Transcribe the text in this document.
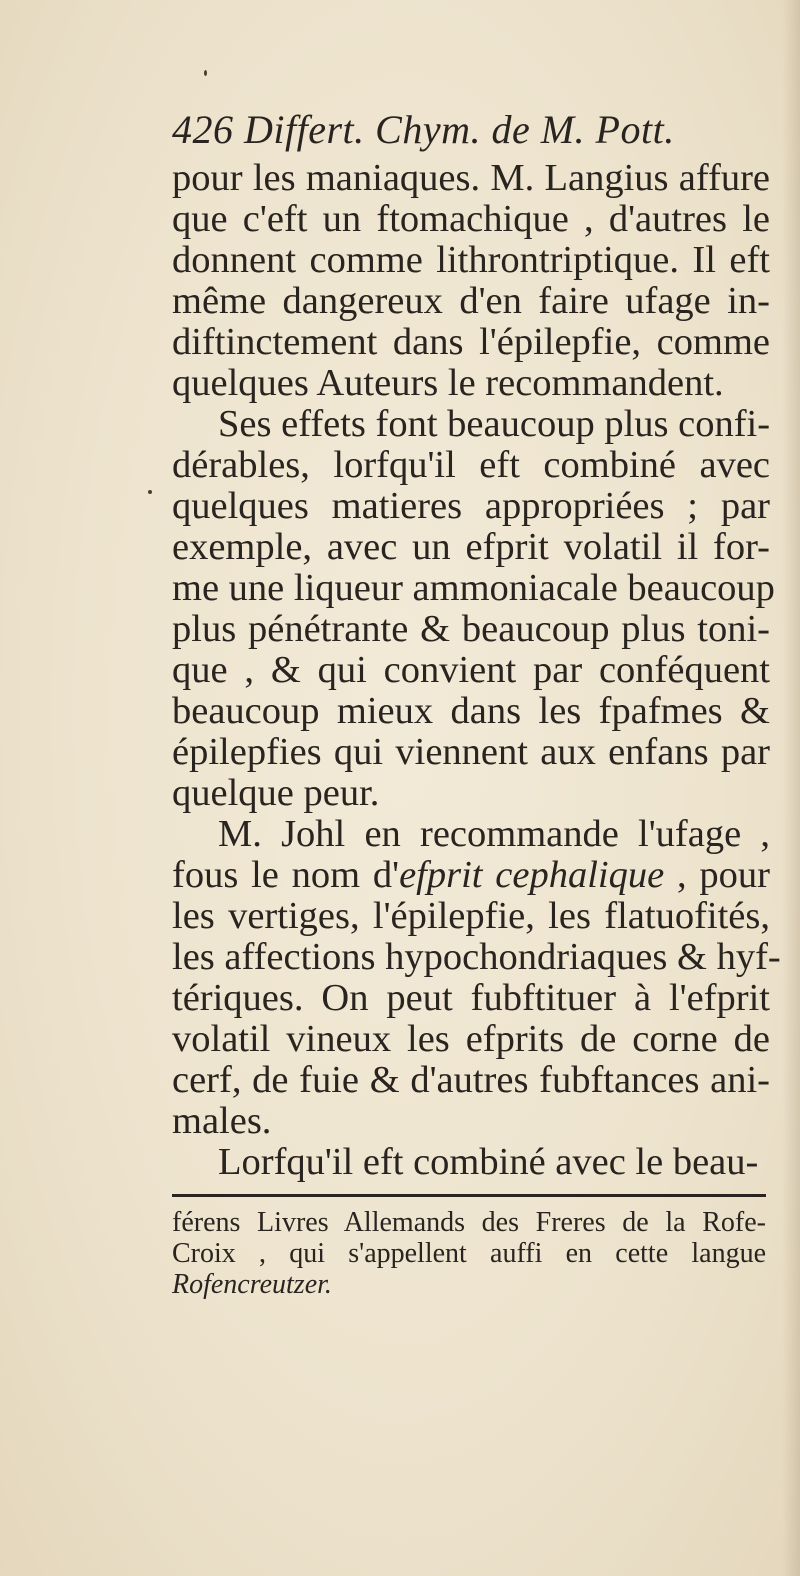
426 Differt. Chym. de M. Pott.
pour les maniaques. M. Langius affure
que c'eft un ftomachique , d'autres le
donnent comme lithrontriptique. Il eft
même dangereux d'en faire ufage in-
diftinctement dans l'épilepfie, comme
quelques Auteurs le recommandent.
Ses effets font beaucoup plus confi-
dérables, lorfqu'il eft combiné avec
quelques matieres appropriées ; par
exemple, avec un efprit volatil il for-
me une liqueur ammoniacale beaucoup
plus pénétrante & beaucoup plus toni-
que , & qui convient par conféquent
beaucoup mieux dans les fpafmes &
épilepfies qui viennent aux enfans par
quelque peur.
M. Johl en recommande l'ufage ,
fous le nom d'efprit cephalique , pour
les vertiges, l'épilepfie, les flatuofités,
les affections hypochondriaques & hyf-
tériques. On peut fubftituer à l'efprit
volatil vineux les efprits de corne de
cerf, de fuie & d'autres fubftances ani-
males.
Lorfqu'il eft combiné avec le beau-
férens Livres Allemands des Freres de la Rofe-
Croix , qui s'appellent auffi en cette langue
Rofencreutzer.
